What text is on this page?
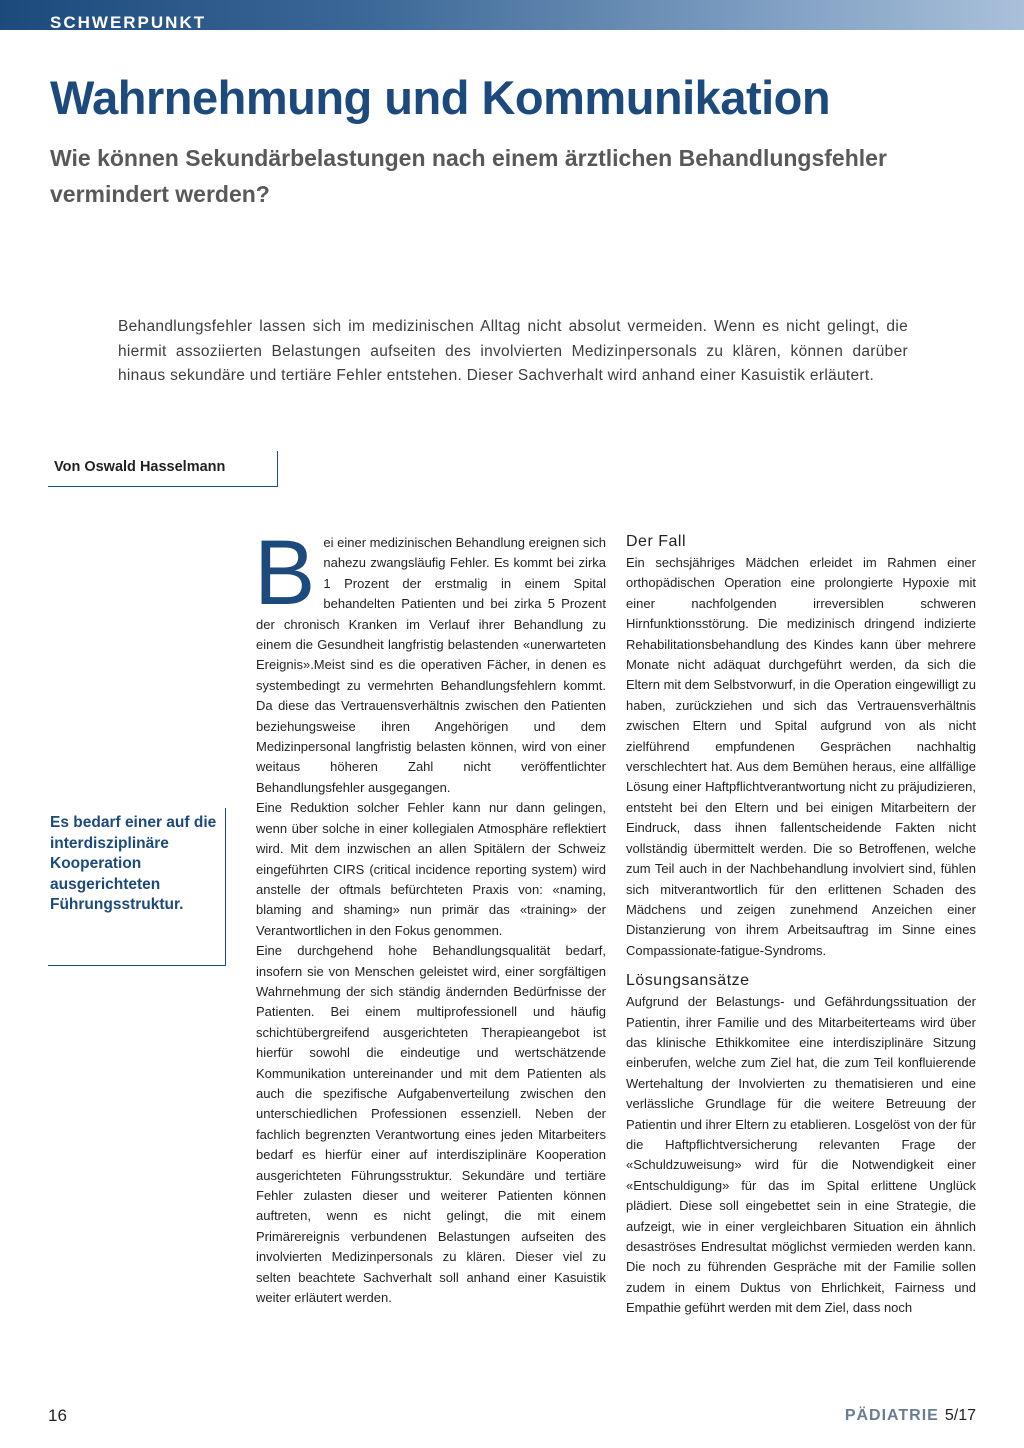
SCHWERPUNKT
Wahrnehmung und Kommunikation
Wie können Sekundärbelastungen nach einem ärztlichen Behandlungsfehler vermindert werden?

Behandlungsfehler lassen sich im medizinischen Alltag nicht absolut vermeiden. Wenn es nicht gelingt, die hiermit assoziierten Belastungen aufseiten des involvierten Medizinpersonals zu klären, können darüber hinaus sekundäre und tertiäre Fehler entstehen. Dieser Sachverhalt wird anhand einer Kasuistik erläutert.

Von Oswald Hasselmann

Es bedarf einer auf die interdisziplinäre Kooperation ausgerichteten Führungsstruktur.

B ei einer medizinischen Behandlung ereignen sich nahezu zwangsläufig Fehler. Es kommt bei zirka 1 Prozent der erstmalig in einem Spital behandelten Patienten und bei zirka 5 Prozent der chronisch Kranken im Verlauf ihrer Behandlung zu einem die Gesundheit langfristig belastenden «unerwarteten Ereignis».Meist sind es die operativen Fächer, in denen es systembedingt zu vermehrten Behandlungsfehlern kommt. Da diese das Vertrauensverhältnis zwischen den Patienten beziehungsweise ihren Angehörigen und dem Medizinpersonal langfristig belasten können, wird von einer weitaus höheren Zahl nicht veröffentlichter Behandlungsfehler ausgegangen.

Eine Reduktion solcher Fehler kann nur dann gelingen, wenn über solche in einer kollegialen Atmosphäre reflektiert wird. Mit dem inzwischen an allen Spitälern der Schweiz eingeführten CIRS (critical incidence reporting system) wird anstelle der oftmals befürchteten Praxis von: «naming, blaming and shaming» nun primär das «training» der Verantwortlichen in den Fokus genommen.

Eine durchgehend hohe Behandlungsqualität bedarf, insofern sie von Menschen geleistet wird, einer sorgfältigen Wahrnehmung der sich ständig ändernden Bedürfnisse der Patienten. Bei einem multiprofessionell und häufig schichtübergreifend ausgerichteten Therapieangebot ist hierfür sowohl die eindeutige und wertschätzende Kommunikation untereinander und mit dem Patienten als auch die spezifische Aufgabenverteilung zwischen den unterschiedlichen Professionen essenziell. Neben der fachlich begrenzten Verantwortung eines jeden Mitarbeiters bedarf es hierfür einer auf interdisziplinäre Kooperation ausgerichteten Führungsstruktur. Sekundäre und tertiäre Fehler zulasten dieser und weiterer Patienten können auftreten, wenn es nicht gelingt, die mit einem Primärereignis verbundenen Belastungen aufseiten des involvierten Medizinpersonals zu klären. Dieser viel zu selten beachtete Sachverhalt soll anhand einer Kasuistik weiter erläutert werden.

Der Fall

Ein sechsjähriges Mädchen erleidet im Rahmen einer orthopädischen Operation eine prolongierte Hypoxie mit einer nachfolgenden irreversiblen schweren Hirnfunktionsstörung. Die medizinisch dringend indizierte Rehabilitationsbehandlung des Kindes kann über mehrere Monate nicht adäquat durchgeführt werden, da sich die Eltern mit dem Selbstvorwurf, in die Operation eingewilligt zu haben, zurückziehen und sich das Vertrauensverhältnis zwischen Eltern und Spital aufgrund von als nicht zielführend empfundenen Gesprächen nachhaltig verschlechtert hat. Aus dem Bemühen heraus, eine allfällige Lösung einer Haftpflichtverantwortung nicht zu präjudizieren, entsteht bei den Eltern und bei einigen Mitarbeitern der Eindruck, dass ihnen fallentscheidende Fakten nicht vollständig übermittelt werden. Die so Betroffenen, welche zum Teil auch in der Nachbehandlung involviert sind, fühlen sich mitverantwortlich für den erlittenen Schaden des Mädchens und zeigen zunehmend Anzeichen einer Distanzierung von ihrem Arbeitsauftrag im Sinne eines Compassionate-fatigue-Syndroms.

Lösungsansätze

Aufgrund der Belastungs- und Gefährdungssituation der Patientin, ihrer Familie und des Mitarbeiterteams wird über das klinische Ethikkomitee eine interdisziplinäre Sitzung einberufen, welche zum Ziel hat, die zum Teil konfluierende Wertehaltung der Involvierten zu thematisieren und eine verlässliche Grundlage für die weitere Betreuung der Patientin und ihrer Eltern zu etablieren. Losgelöst von der für die Haftpflichtversicherung relevanten Frage der «Schuldzuweisung» wird für die Notwendigkeit einer «Entschuldigung» für das im Spital erlittene Unglück plädiert. Diese soll eingebettet sein in eine Strategie, die aufzeigt, wie in einer vergleichbaren Situation ein ähnlich desaströses Endresultat möglichst vermieden werden kann. Die noch zu führenden Gespräche mit der Familie sollen zudem in einem Duktus von Ehrlichkeit, Fairness und Empathie geführt werden mit dem Ziel, dass noch

16	PÄDIATRIE 5/17
